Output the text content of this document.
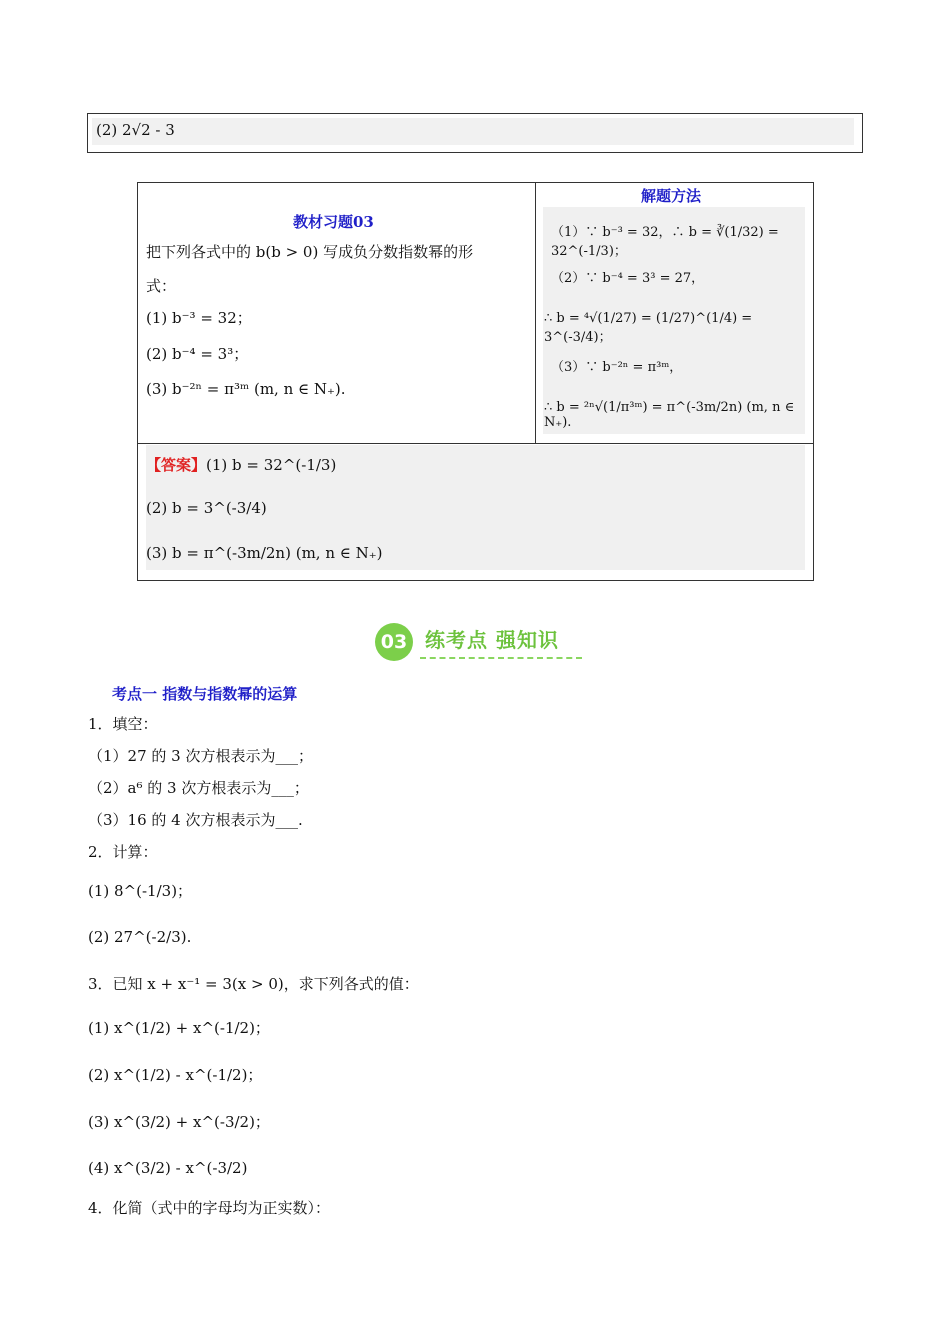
(2) 2√2 - 3
教材习题03
把下列各式中的 b(b > 0) 写成负分数指数幂的形
式：
(1) b⁻³ = 32；
(2) b⁻⁴ = 3³；
(3) b⁻²ⁿ = π³ᵐ (m, n ∈ N₊).
解题方法
（1）∵ b⁻³ = 32，∴ b = ∛(1/32) = 32^(-1/3)；
（2）∵ b⁻⁴ = 3³ = 27，
∴ b = ⁴√(1/27) = (1/27)^(1/4) = 3^(-3/4)；
（3）∵ b⁻²ⁿ = π³ᵐ，
∴ b = ²ⁿ√(1/π³ᵐ) = π^(-3m/2n) (m, n ∈ N₊).
【答案】(1) b = 32^(-1/3)
(2) b = 3^(-3/4)
(3) b = π^(-3m/2n) (m, n ∈ N₊)
03 练考点 强知识
考点一 指数与指数幂的运算
1．填空：
（1）27 的 3 次方根表示为___；
（2）a⁶ 的 3 次方根表示为___；
（3）16 的 4 次方根表示为___.
2．计算：
(1) 8^(-1/3)；
(2) 27^(-2/3).
3．已知 x + x⁻¹ = 3(x > 0)，求下列各式的值：
(1) x^(1/2) + x^(-1/2)；
(2) x^(1/2) - x^(-1/2)；
(3) x^(3/2) + x^(-3/2)；
(4) x^(3/2) - x^(-3/2)
4．化简（式中的字母均为正实数）：
